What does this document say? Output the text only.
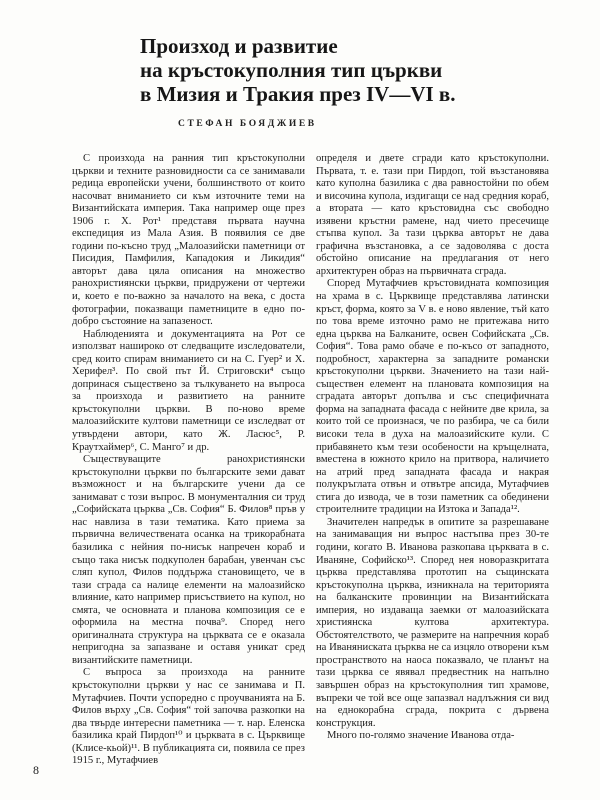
Произход и развитие
на кръстокуполния тип църкви
в Мизия и Тракия през IV—VI в.
СТЕФАН БОЯДЖИЕВ

С произхода на ранния тип кръстокуполни църкви и техните разновидности са се занимавали редица европейски учени, болшинството от които насочват вниманието си към източните теми на Византийската империя. Така например още през 1906 г. Х. Рот¹ представя първата научна експедиция из Мала Азия. В появилия се две години по-късно труд „Малоазийски паметници от Писидия, Памфилия, Кападокия и Ликидия“ авторът дава цяла описания на множество ранохристиянски църкви, придружени от чертежи и, което е по-важно за началото на века, с доста фотографии, показващи паметниците в едно по-добро състояние на запазеност.

Наблюденията и документацията на Рот се използват наширoко от следващите изследователи, сред които спирам вниманието си на С. Гуер² и Х. Херифел³. По свой път Й. Стриговски⁴ също допринася съществено за тълкуването на въпроса за произхода и развитието на ранните кръстокуполни църкви. В по-ново време малоазийските култови паметници се изследват от утвърдени автори, като Ж. Ласюс⁵, Р. Краутхаймер⁶, С. Манго⁷ и др.

Съществуващите ранохристиянски кръстокуполни църкви по българските земи дават възможност и на българските учени да се занимават с този въпрос. В монументалния си труд „Софийската църква „Св. София“ Б. Филов⁸ пръв у нас навлиза в тази тематика. Като приема за първична величествената осанка на трикорабната базилика с нейния по-нисък напречен кораб и също така нисък подкуполен барабан, увенчан със сляп купол, Филов поддържа становището, че в тази сграда са налице елементи на малоазийско влияние, като например присъствието на купол, но смята, че основната и планова композиция се е оформила на местна почва⁹. Според него оригиналната структура на църквата се е оказала непригодна за запазване и оставя уникат сред византийските паметници.

С въпроса за произхода на ранните кръстокуполни църкви у нас се занимава и П. Мутафчиев. Почти успоредно с проучванията на Б. Филов върху „Св. София“ той започва разкопки на два твърде интересни паметника — т. нар. Еленска базилика край Пирдоп¹⁰ и църквата в с. Църквище (Клисе-кьой)¹¹. В публикацията си, появила се през 1915 г., Мутафчиев

определя и двете сгради като кръстокуполни. Първата, т. е. тази при Пирдоп, той възстановява като куполна базилика с два равностойни по обем и височина купола, издигащи се над средния кораб, а втората — като кръстовидна със свободно изявени кръстни рамене, над чието пресечище стъпва купол. За тази църква авторът не дава графична възстановка, а се задоволява с доста обстойно описание на предлагания от него архитектурен образ на първичната сграда.

Според Мутафчиев кръстовидната композиция на храма в с. Църквище представлява латински кръст, форма, която за V в. е ново явление, тъй като по това време източно рамо не притежава нито една църква на Балканите, освен Софийската „Св. София“. Това рамо обаче е по-късо от западното, подробност, характерна за западните романски кръстокуполни църкви. Значението на тази най-съществен елемент на плановата композиция на сградата авторът допълва и със специфичната форма на западната фасада с нейните две крила, за които той се произнася, че по разбира, че са били високи тела в духа на малоазийските кули. С прибавянето към тези особености на кръщелната, вместена в южното крило на притвора, наличието на атрий пред западната фасада и накрая полукръглата отвън и отвътре апсида, Мутафчиев стига до извода, че в този паметник са обединени строителните традиции на Изтока и Запада¹².

Значителен напредък в опитите за разрешаване на занимаващия ни въпрос настъпва през 30-те години, когато В. Иванова разкопава църквата в с. Иваняне, Софийско¹³. Според нея новоразкритата църква представлява прототип на същинската кръстокуполна църква, изникнала на територията на балканските провинции на Византийската империя, но издаваща заемки от малоазийската християнска култова архитектура. Обстоятелството, че размерите на напречния кораб на Иваняниската църква не са изцяло отворени към пространството на наоса показвало, че планът на тази църква се явявал предвестник на напълно завършен образ на кръстокуполния тип храмове, въпреки че той все още запазвал надлъжния си вид на еднокорабна сграда, покрита с дървена конструкция.

Много по-голямо значение Иванова отда-

8
